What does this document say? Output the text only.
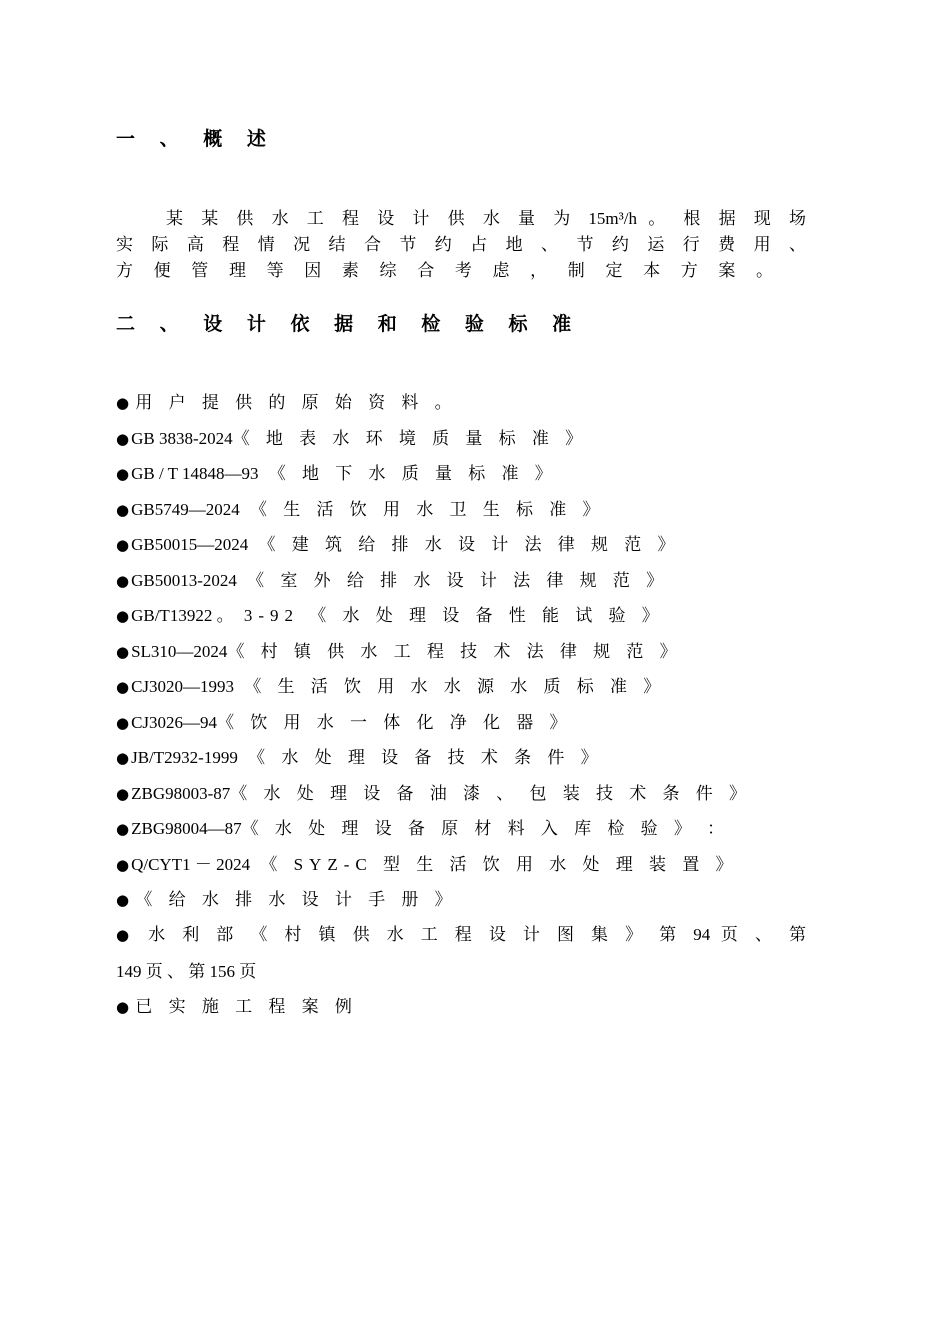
一 、 概 述
某 某 供 水 工 程 设 计 供 水 量 为 15m³/h 。 根 据 现 场
实 际 高 程 情 况 结 合 节 约 占 地 、 节 约 运 行 费 用 、
方 便 管 理 等 因 素 综 合 考 虑 ， 制 定 本 方 案 。
二 、 设 计 依 据 和 检 验 标 准
● 用 户 提 供 的 原 始 资 料 。
● GB 3838-2024《 地 表 水 环 境 质 量 标 准 》
● GB / T 14848—93 《 地 下 水 质 量 标 准 》
● GB5749—2024 《 生 活 饮 用 水 卫 生 标 准 》
● GB50015—2024 《 建 筑 给 排 水 设 计 法 律 规 范 》
● GB50013-2024 《 室 外 给 排 水 设 计 法 律 规 范 》
● GB/T13922 。 3-92 《 水 处 理 设 备 性 能 试 验 》
● SL310—2024《 村 镇 供 水 工 程 技 术 法 律 规 范 》
● CJ3020—1993 《 生 活 饮 用 水 水 源 水 质 标 准 》
● CJ3026—94《 饮 用 水 一 体 化 净 化 器 》
● JB/T2932-1999 《 水 处 理 设 备 技 术 条 件 》
● ZBG98003-87《 水 处 理 设 备 油 漆 、 包 装 技 术 条 件 》
● ZBG98004—87《 水 处 理 设 备 原 材 料 入 库 检 验 》 ：
● Q/CYT1 － 2024 《 SYZ-C 型 生 活 饮 用 水 处 理 装 置 》
● 《 给 水 排 水 设 计 手 册 》
● 水 利 部 《 村 镇 供 水 工 程 设 计 图 集 》 第 94 页 、 第
149 页 、 第 156 页
● 已 实 施 工 程 案 例
